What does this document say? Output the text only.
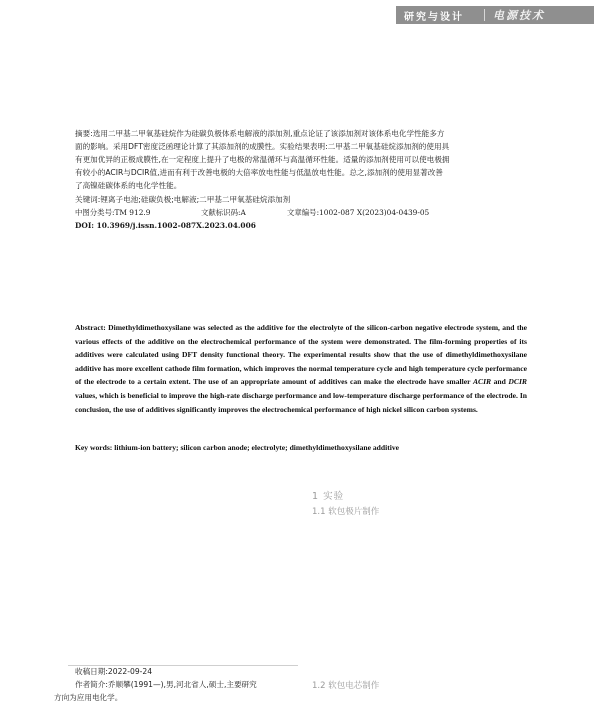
研究与设计	电源技术

摘要:选用二甲基二甲氧基硅烷作为硅碳负极体系电解液的添加剂,重点论证了该添加剂对该体系电化学性能多方

面的影响。采用DFT密度泛函理论计算了其添加剂的成膜性。实验结果表明:二甲基二甲氧基硅烷添加剂的使用具

有更加优异的正极成膜性,在一定程度上提升了电极的常温循环与高温循环性能。适量的添加剂使用可以使电极拥

有较小的ACIR与DCIR值,进而有利于改善电极的大倍率放电性能与低温放电性能。总之,添加剂的使用显著改善

了高镍硅碳体系的电化学性能。

关键词:锂离子电池;硅碳负极;电解液;二甲基二甲氧基硅烷添加剂
中图分类号:TM 912.9	文献标识码:A	文章编号:1002-087 X(2023)04-0439-05
DOI: 10.3969/j.issn.1002-087X.2023.04.006

Abstract: Dimethyldimethoxysilane was selected as the additive for the electrolyte of the silicon-carbon negative electrode system, and the various effects of the additive on the electrochemical performance of the system were demonstrated. The film-forming properties of its additives were calculated using DFT density functional theory. The experimental results show that the use of dimethyldimethoxysilane additive has more excellent cathode film formation, which improves the normal temperature cycle and high temperature cycle performance of the electrode to a certain extent. The use of an appropriate amount of additives can make the electrode have smaller ACIR and DCIR values, which is beneficial to improve the high-rate discharge performance and low-temperature discharge performance of the electrode. In conclusion, the use of additives significantly improves the electrochemical performance of high nickel silicon carbon systems.

Key words: lithium-ion battery; silicon carbon anode; electrolyte; dimethyldimethoxysilane additive
1 实验
1.1 软包极片制作
收稿日期:2022-09-24
作者简介:乔顺攀(1991—),男,河北省人,硕士,主要研究
方向为应用电化学。
1.2 软包电芯制作
